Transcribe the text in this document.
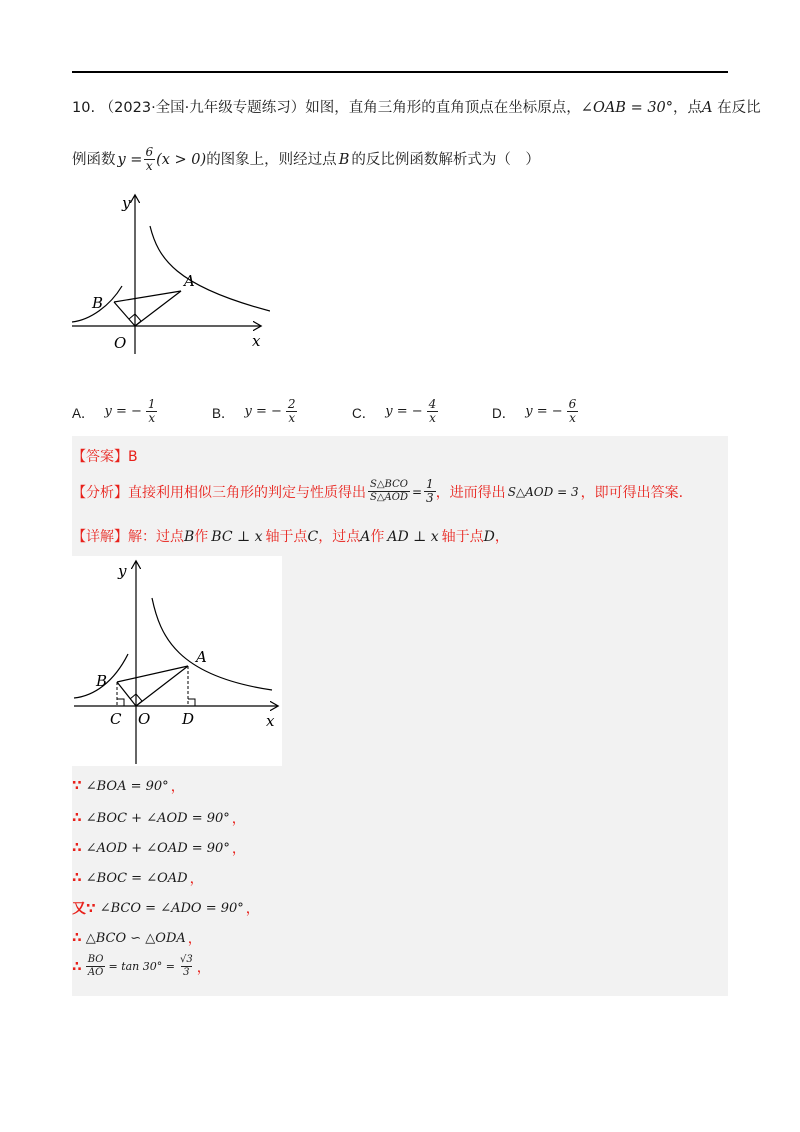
10. （2023·全国·九年级专题练习）如图，直角三角形的直角顶点在坐标原点，∠OAB = 30°，点A 在反比
例函数 $y = \frac{6}{x} (x > 0)$ 的图象上，则经过点 B 的反比例函数解析式为（　）
y
x
O
A
B
A． y = − $\frac{1}{x}$	B． y = − $\frac{2}{x}$	C． y = − $\frac{4}{x}$	D． y = − $\frac{6}{x}$
【答案】B
【分析】 直接利用相似三角形的判定与性质得出 $\frac{\text{S△BCO}}{\text{S△AOD}} = \frac{1}{3}$ ，进而得出 S△AOD = 3 ，即可得出答案.
【详解】解：过点B作 BC ⊥ x 轴于点C，过点A作 AD ⊥ x 轴于点D，
y
x
O
A
B
C	D
∵ ∠BOA = 90° ，
∴ ∠BOC + ∠AOD = 90° ，
∴ ∠AOD + ∠OAD = 90° ，
∴ ∠BOC = ∠OAD ，
又∵ ∠BCO = ∠ADO = 90° ，
∴ △BCO ∽ △ODA ，
∴ $\frac{BO}{AO} = \tan 30^\circ = \frac{√3}{3}$ ，
